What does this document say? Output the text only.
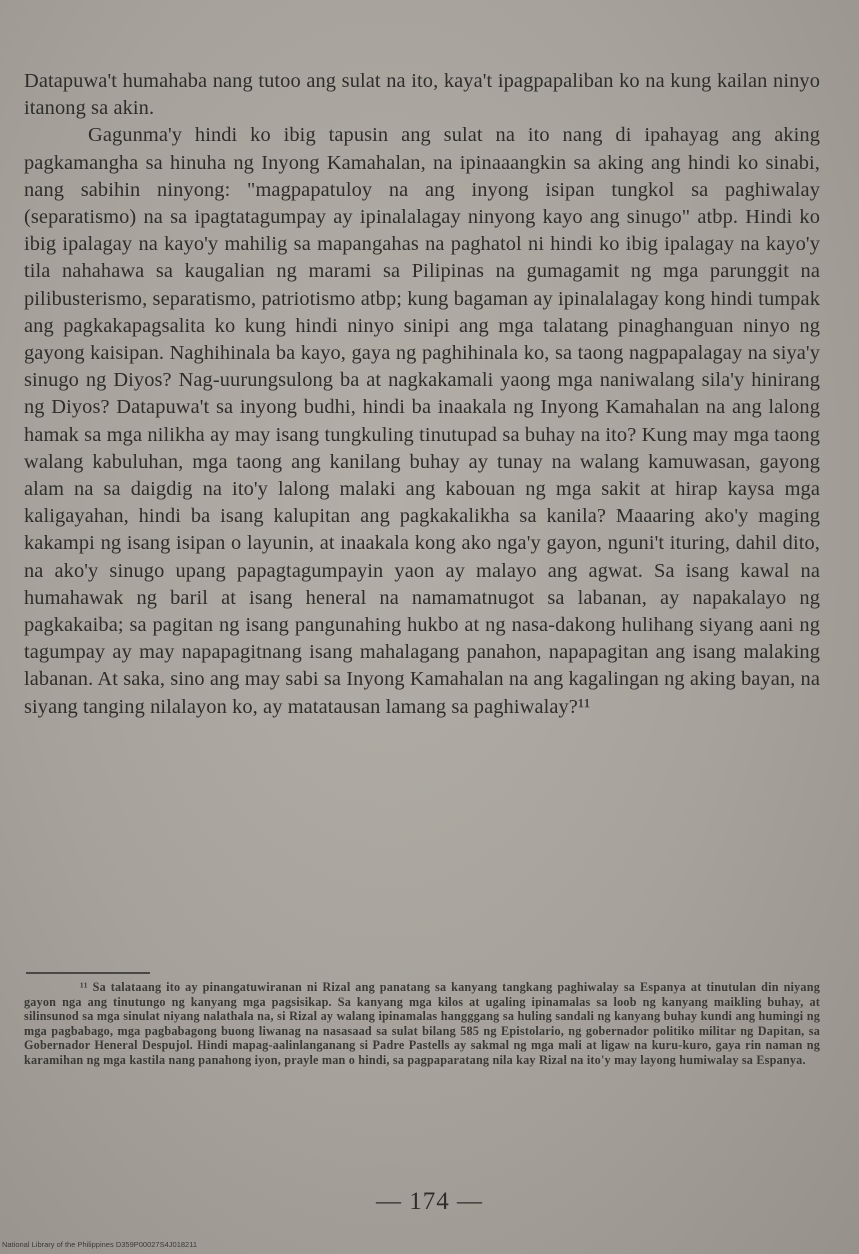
Datapuwa't humahaba nang tutoo ang sulat na ito, kaya't ipagpapaliban ko na kung kailan ninyo itanong sa akin.

Gagunma'y hindi ko ibig tapusin ang sulat na ito nang di ipahayag ang aking pagkamangha sa hinuha ng Inyong Kamahalan, na ipinaaangkin sa aking ang hindi ko sinabi, nang sabihin ninyong: "magpapatuloy na ang inyong isipan tungkol sa paghiwalay (separatismo) na sa ipagtatagumpay ay ipinalalagay ninyong kayo ang sinugo" atbp. Hindi ko ibig ipalagay na kayo'y mahilig sa mapangahas na paghatol ni hindi ko ibig ipalagay na kayo'y tila nahahawa sa kaugalian ng marami sa Pilipinas na gumagamit ng mga parunggit na pilibusterismo, separatismo, patriotismo atbp; kung bagaman ay ipinalalagay kong hindi tumpak ang pagkakapagsalita ko kung hindi ninyo sinipi ang mga talatang pinaghanguan ninyo ng gayong kaisipan. Naghihinala ba kayo, gaya ng paghihinala ko, sa taong nagpapalagay na siya'y sinugo ng Diyos? Nag-uurungsulong ba at nagkakamali yaong mga naniwalang sila'y hinirang ng Diyos? Datapuwa't sa inyong budhi, hindi ba inaakala ng Inyong Kamahalan na ang lalong hamak sa mga nilikha ay may isang tungkuling tinutupad sa buhay na ito? Kung may mga taong walang kabuluhan, mga taong ang kanilang buhay ay tunay na walang kamuwasan, gayong alam na sa daigdig na ito'y lalong malaki ang kabouan ng mga sakit at hirap kaysa mga kaligayahan, hindi ba isang kalupitan ang pagkakalikha sa kanila? Maaaring ako'y maging kakampi ng isang isipan o layunin, at inaakala kong ako nga'y gayon, nguni't ituring, dahil dito, na ako'y sinugo upang papagtagumpayin yaon ay malayo ang agwat. Sa isang kawal na humahawak ng baril at isang heneral na namamatnugot sa labanan, ay napakalayo ng pagkakaiba; sa pagitan ng isang pangunahing hukbo at ng nasa-dakong hulihang siyang aani ng tagumpay ay may napapagitnang isang mahalagang panahon, napapagitan ang isang malaking labanan. At saka, sino ang may sabi sa Inyong Kamahalan na ang kagalingan ng aking bayan, na siyang tanging nilalayon ko, ay matatausan lamang sa paghiwalay?¹¹

¹¹ Sa talataang ito ay pinangatuwiranan ni Rizal ang panatang sa kanyang tangkang paghiwalay sa Espanya at tinutulan din niyang gayon nga ang tinutungo ng kanyang mga pagsisikap. Sa kanyang mga kilos at ugaling ipinamalas sa loob ng kanyang maikling buhay, at silinsunod sa mga sinulat niyang nalathala na, si Rizal ay walang ipinamalas hangggang sa huling sandali ng kanyang buhay kundi ang humingi ng mga pagbabago, mga pagbabagong buong liwanag na nasasaad sa sulat bilang 585 ng Epistolario, ng gobernador politiko militar ng Dapitan, sa Gobernador Heneral Despujol. Hindi mapag-aalinlanganang si Padre Pastells ay sakmal ng mga mali at ligaw na kuru-kuro, gaya rin naman ng karamihan ng mga kastila nang panahong iyon, prayle man o hindi, sa pagpaparatang nila kay Rizal na ito'y may layong humiwalay sa Espanya.

— 174 —
National Library of the Philippines D359P00027S4J018211
